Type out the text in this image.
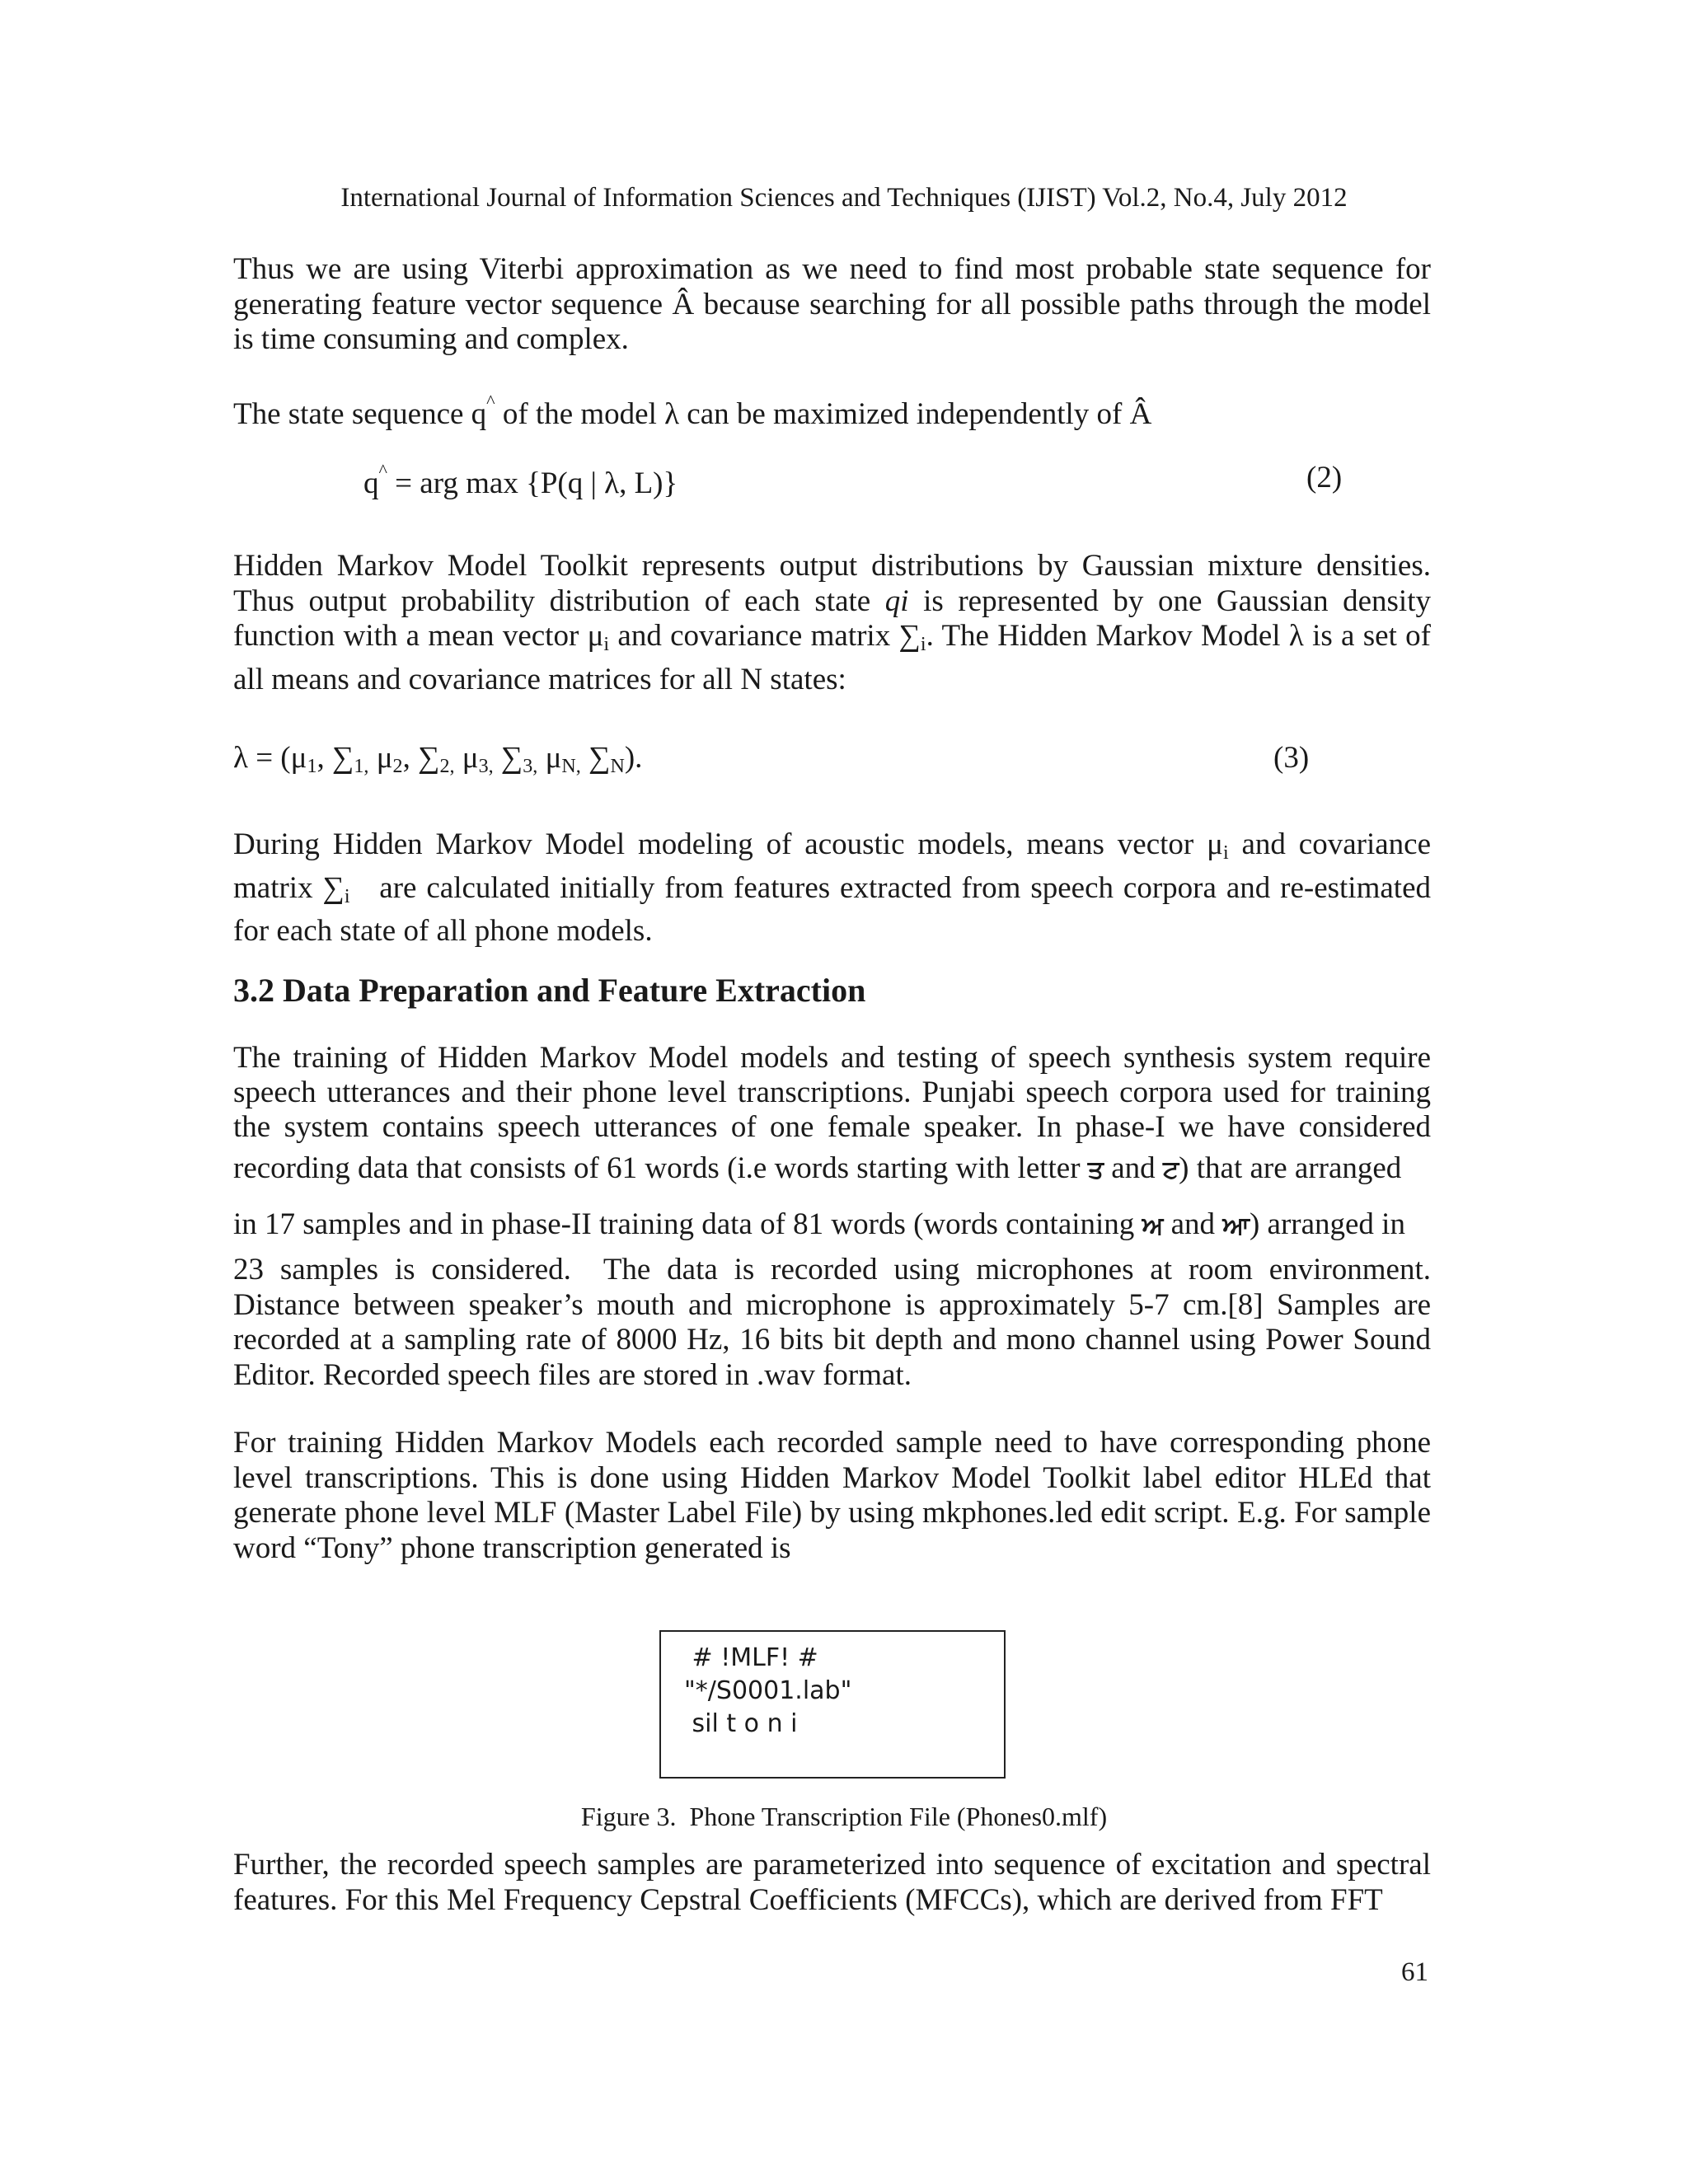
International Journal of Information Sciences and Techniques (IJIST) Vol.2, No.4, July 2012

Thus we are using Viterbi approximation as we need to find most probable state sequence for generating feature vector sequence Â because searching for all possible paths through the model is time consuming and complex.

The state sequence q^ of the model λ can be maximized independently of Â
q^ = arg max {P(q | λ, L)}	(2)

Hidden Markov Model Toolkit represents output distributions by Gaussian mixture densities. Thus output probability distribution of each state qi is represented by one Gaussian density function with a mean vector $\mu_i$ and covariance matrix $\sum_i$. The Hidden Markov Model λ is a set of all means and covariance matrices for all N states:

$\lambda = (\mu_1$, $\sum_{1,}$ $\mu_2$, $\sum_{2,}$ $\mu_{3,}$ $\sum_{3,}$ $\mu_{N,}$ $\sum_N$).	(3)

During Hidden Markov Model modeling of acoustic models, means vector $\mu_i$ and covariance matrix $\sum_i$   are calculated initially from features extracted from speech corpora and re-estimated for each state of all phone models.

3.2 Data Preparation and Feature Extraction
The training of Hidden Markov Model models and testing of speech synthesis system require
speech utterances and their phone level transcriptions. Punjabi speech corpora used for training
the system contains speech utterances of one female speaker. In phase-I we have considered
recording data that consists of 61 words (i.e words starting with letter ਤ and ਟ) that are arranged
in 17 samples and in phase-II training data of 81 words (words containing ਅ and ਆ) arranged in

23 samples is considered.  The data is recorded using microphones at room environment. Distance between speaker’s mouth and microphone is approximately 5-7 cm.[8] Samples are recorded at a sampling rate of 8000 Hz, 16 bits bit depth and mono channel using Power Sound Editor. Recorded speech files are stored in .wav format.

For training Hidden Markov Models each recorded sample need to have corresponding phone level transcriptions. This is done using Hidden Markov Model Toolkit label editor HLEd that generate phone level MLF (Master Label File) by using mkphones.led edit script. E.g. For sample word “Tony” phone transcription generated is

# !MLF! #
"*/S0001.lab"
sil t o n i
Figure 3.  Phone Transcription File (Phones0.mlf)

Further, the recorded speech samples are parameterized into sequence of excitation and spectral features. For this Mel Frequency Cepstral Coefficients (MFCCs), which are derived from FFT

61
